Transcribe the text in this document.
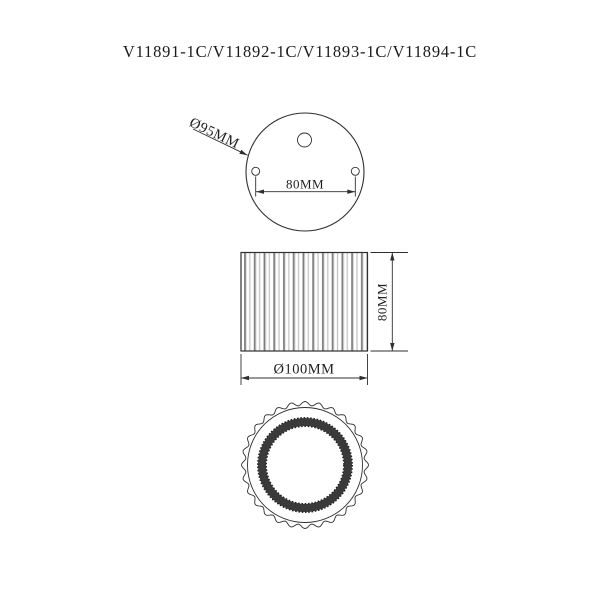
V11891-1C/V11892-1C/V11893-1C/V11894-1C
80MM
Ø95MM
80MM
Ø100MM
